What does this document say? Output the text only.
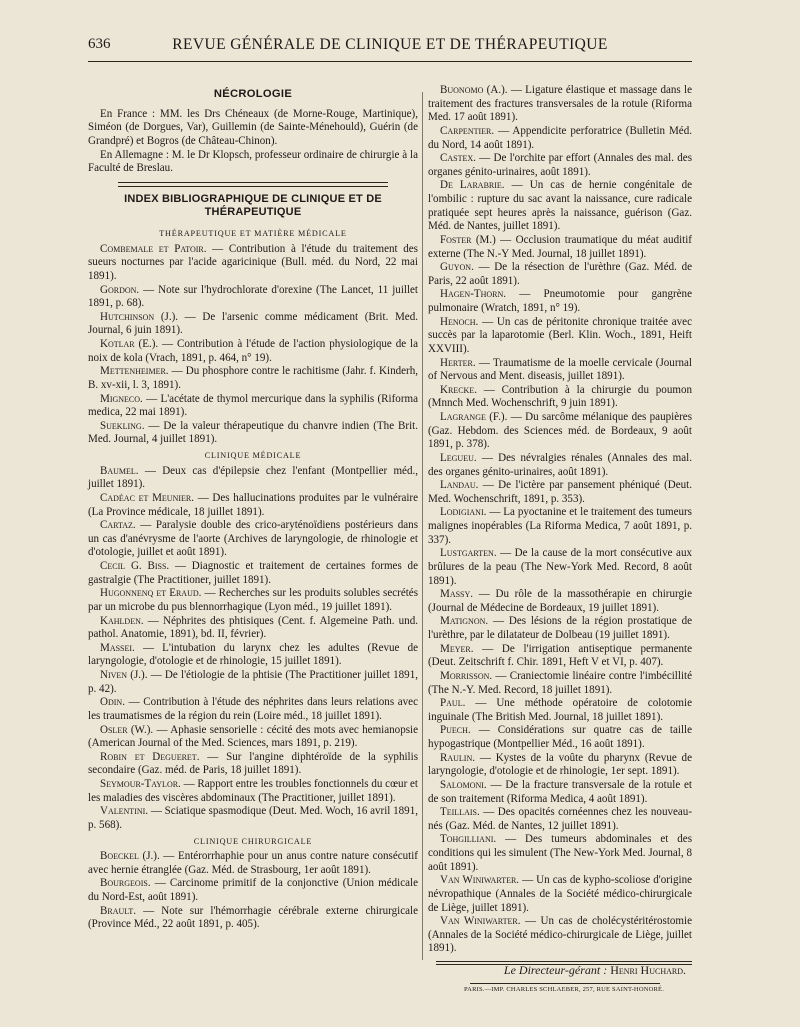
636	REVUE GÉNÉRALE DE CLINIQUE ET DE THÉRAPEUTIQUE
NÉCROLOGIE

En France : MM. les Drs Chéneaux (de Morne-Rouge, Martinique), Siméon (de Dorgues, Var), Guillemin (de Sainte-Ménehould), Guérin (de Grandpré) et Bogros (de Château-Chinon).

En Allemagne : M. le Dr Klopsch, professeur ordinaire de chirurgie à la Faculté de Breslau.

INDEX BIBLIOGRAPHIQUE DE CLINIQUE ET DE THÉRAPEUTIQUE
THÉRAPEUTIQUE ET MATIÈRE MÉDICALE

Combemale et Patoir. — Contribution à l'étude du traitement des sueurs nocturnes par l'acide agaricinique (Bull. méd. du Nord, 22 mai 1891).

Gordon. — Note sur l'hydrochlorate d'orexine (The Lancet, 11 juillet 1891, p. 68).

Hutchinson (J.). — De l'arsenic comme médicament (Brit. Med. Journal, 6 juin 1891).

Kotlar (E.). — Contribution à l'étude de l'action physiologique de la noix de kola (Vrach, 1891, p. 464, n° 19).

Mettenheimer. — Du phosphore contre le rachitisme (Jahr. f. Kinderh, B. xv-xii, l. 3, 1891).

Migneco. — L'acétate de thymol mercurique dans la syphilis (Riforma medica, 22 mai 1891).

Suekling. — De la valeur thérapeutique du chanvre indien (The Brit. Med. Journal, 4 juillet 1891).

CLINIQUE MÉDICALE

Baumel. — Deux cas d'épilepsie chez l'enfant (Montpellier méd., juillet 1891).

Cadéac et Meunier. — Des hallucinations produites par le vulnéraire (La Province médicale, 18 juillet 1891).

Cartaz. — Paralysie double des crico-aryténoïdiens postérieurs dans un cas d'anévrysme de l'aorte (Archives de laryngologie, de rhinologie et d'otologie, juillet et août 1891).

Cecil G. Biss. — Diagnostic et traitement de certaines formes de gastralgie (The Practitioner, juillet 1891).

Hugonnenq et Eraud. — Recherches sur les produits solubles secrétés par un microbe du pus blennorrhagique (Lyon méd., 19 juillet 1891).

Kahlden. — Néphrites des phtisiques (Cent. f. Algemeine Path. und. pathol. Anatomie, 1891), bd. II, février).

Massei. — L'intubation du larynx chez les adultes (Revue de laryngologie, d'otologie et de rhinologie, 15 juillet 1891).

Niven (J.). — De l'étiologie de la phtisie (The Practitioner juillet 1891, p. 42).

Odin. — Contribution à l'étude des néphrites dans leurs relations avec les traumatismes de la région du rein (Loire méd., 18 juillet 1891).

Osler (W.). — Aphasie sensorielle : cécité des mots avec hemianopsie (American Journal of the Med. Sciences, mars 1891, p. 219).

Robin et Degueret. — Sur l'angine diphtéroïde de la syphilis secondaire (Gaz. méd. de Paris, 18 juillet 1891).

Seymour-Taylor. — Rapport entre les troubles fonctionnels du cœur et les maladies des viscères abdominaux (The Practitioner, juillet 1891).

Valentini. — Sciatique spasmodique (Deut. Med. Woch, 16 avril 1891, p. 568).

CLINIQUE CHIRURGICALE

Boeckel (J.). — Entérorrhaphie pour un anus contre nature consécutif avec hernie étranglée (Gaz. Méd. de Strasbourg, 1er août 1891).

Bourgeois. — Carcinome primitif de la conjonctive (Union médicale du Nord-Est, août 1891).

Brault. — Note sur l'hémorrhagie cérébrale externe chirurgicale (Province Méd., 22 août 1891, p. 405).

Buonomo (A.). — Ligature élastique et massage dans le traitement des fractures transversales de la rotule (Riforma Med. 17 août 1891).

Carpentier. — Appendicite perforatrice (Bulletin Méd. du Nord, 14 août 1891).

Castex. — De l'orchite par effort (Annales des mal. des organes génito-urinaires, août 1891).

De Larabrie. — Un cas de hernie congénitale de l'ombilic : rupture du sac avant la naissance, cure radicale pratiquée sept heures après la naissance, guérison (Gaz. Méd. de Nantes, juillet 1891).

Foster (M.) — Occlusion traumatique du méat auditif externe (The N.-Y Med. Journal, 18 juillet 1891).

Guyon. — De la résection de l'urèthre (Gaz. Méd. de Paris, 22 août 1891).

Hagen-Thorn. — Pneumotomie pour gangrène pulmonaire (Wratch, 1891, n° 19).

Henoch. — Un cas de péritonite chronique traitée avec succès par la laparotomie (Berl. Klin. Woch., 1891, Heift XXVIII).

Herter. — Traumatisme de la moelle cervicale (Journal of Nervous and Ment. diseasis, juillet 1891).

Krecke. — Contribution à la chirurgie du poumon (Mnnch Med. Wochenschrift, 9 juin 1891).

Lagrange (F.). — Du sarcôme mélanique des paupières (Gaz. Hebdom. des Sciences méd. de Bordeaux, 9 août 1891, p. 378).

Legueu. — Des névralgies rénales (Annales des mal. des organes génito-urinaires, août 1891).

Landau. — De l'ictère par pansement phéniqué (Deut. Med. Wochenschrift, 1891, p. 353).

Lodigiani. — La pyoctanine et le traitement des tumeurs malignes inopérables (La Riforma Medica, 7 août 1891, p. 337).

Lustgarten. — De la cause de la mort consécutive aux brûlures de la peau (The New-York Med. Record, 8 août 1891).

Massy. — Du rôle de la massothérapie en chirurgie (Journal de Médecine de Bordeaux, 19 juillet 1891).

Matignon. — Des lésions de la région prostatique de l'urèthre, par le dilatateur de Dolbeau (19 juillet 1891).

Meyer. — De l'irrigation antiseptique permanente (Deut. Zeitschrift f. Chir. 1891, Heft V et VI, p. 407).

Morrisson. — Craniectomie linéaire contre l'imbécillité (The N.-Y. Med. Record, 18 juillet 1891).

Paul. — Une méthode opératoire de colotomie inguinale (The British Med. Journal, 18 juillet 1891).

Puech. — Considérations sur quatre cas de taille hypogastrique (Montpellier Méd., 16 août 1891).

Raulin. — Kystes de la voûte du pharynx (Revue de laryngologie, d'otologie et de rhinologie, 1er sept. 1891).

Salomoni. — De la fracture transversale de la rotule et de son traitement (Riforma Medica, 4 août 1891).

Teillais. — Des opacités cornéennes chez les nouveau-nés (Gaz. Méd. de Nantes, 12 juillet 1891).

Tohgilliani. — Des tumeurs abdominales et des conditions qui les simulent (The New-York Med. Journal, 8 août 1891).

Van Winiwarter. — Un cas de kypho-scoliose d'origine névropathique (Annales de la Société médico-chirurgicale de Liège, juillet 1891).

Van Winiwarter. — Un cas de cholécystéritérostomie (Annales de la Société médico-chirurgicale de Liège, juillet 1891).

Le Directeur-gérant : Henri Huchard.
PARIS.—IMP. CHARLES SCHLAEBER, 257, RUE SAINT-HONORÉ.
